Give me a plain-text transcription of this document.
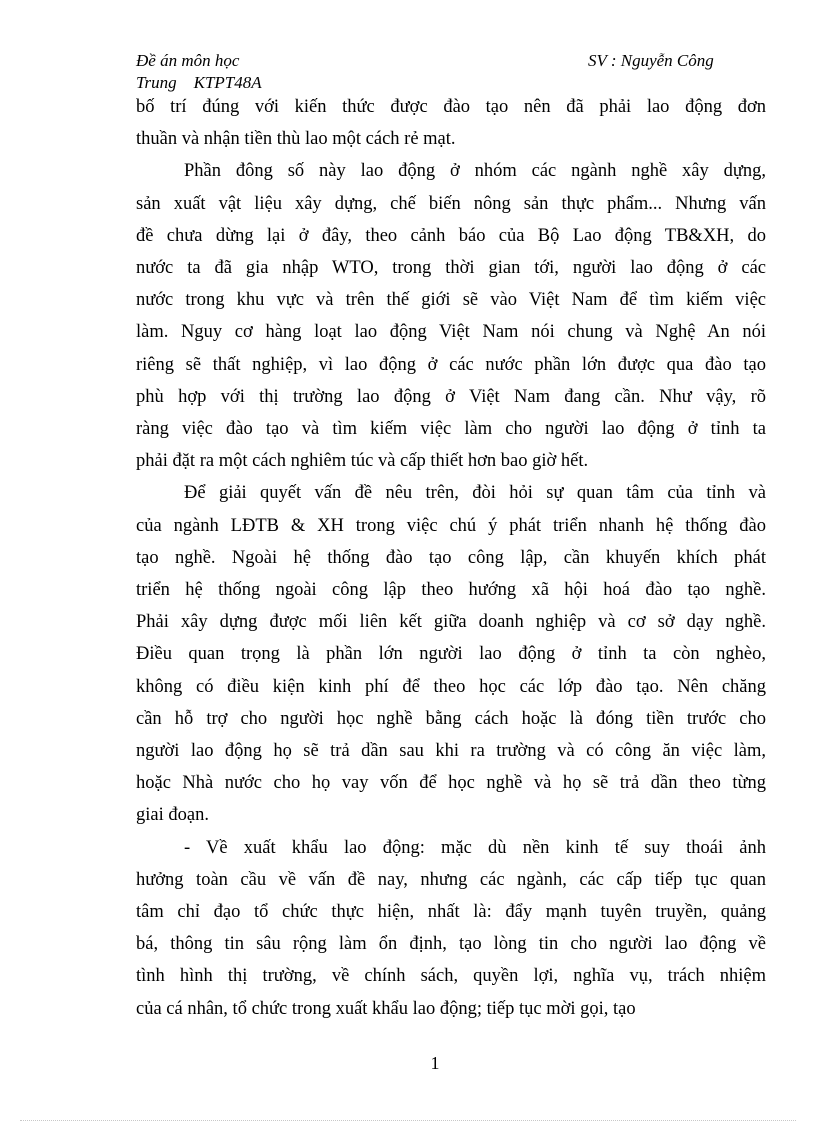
Đề án môn học
Trung    KTPT48A
SV : Nguyễn Công

bố trí đúng với kiến thức được đào tạo nên đã phải lao động đơn

thuần và nhận tiền thù lao một cách rẻ mạt.

Phần đông số này lao động ở nhóm các ngành nghề xây dựng,

sản xuất vật liệu xây dựng, chế biến nông sản thực phẩm... Nhưng vấn

đề chưa dừng lại ở đây, theo cảnh báo của Bộ Lao động TB&XH, do

nước ta đã gia nhập WTO, trong thời gian tới, người lao động ở các

nước trong khu vực và trên thế giới sẽ vào Việt Nam để tìm kiếm việc

làm. Nguy cơ hàng loạt lao động Việt Nam nói chung và Nghệ An nói

riêng sẽ thất nghiệp, vì lao động ở các nước phần lớn được qua đào tạo

phù hợp với thị trường lao động ở Việt Nam đang cần. Như vậy, rõ

ràng việc đào tạo và tìm kiếm việc làm cho người lao động ở tỉnh ta

phải đặt ra một cách nghiêm túc và cấp thiết hơn bao giờ hết.

Để giải quyết vấn đề nêu trên, đòi hỏi sự quan tâm của tỉnh và

của ngành LĐTB & XH trong việc chú ý phát triển nhanh hệ thống đào

tạo nghề. Ngoài hệ thống đào tạo công lập, cần khuyến khích phát

triển hệ thống ngoài công lập theo hướng xã hội hoá đào tạo nghề.

Phải xây dựng được mối liên kết giữa doanh nghiệp và cơ sở dạy nghề.

Điều quan trọng là phần lớn người lao động ở tỉnh ta còn nghèo,

không có điều kiện kinh phí để theo học các lớp đào tạo. Nên chăng

cần hỗ trợ cho người học nghề bằng cách hoặc là đóng tiền trước cho

người lao động họ sẽ trả dần sau khi ra trường và có công ăn việc làm,

hoặc Nhà nước cho họ vay vốn để học nghề và họ sẽ trả dần theo từng

giai đoạn.

- Về xuất khẩu lao động: mặc dù nền kinh tế suy thoái ảnh

hưởng toàn cầu về vấn đề nay, nhưng các ngành, các cấp tiếp tục quan

tâm chỉ đạo tổ chức thực hiện, nhất là: đẩy mạnh tuyên truyền, quảng

bá, thông tin sâu rộng làm ổn định, tạo lòng tin cho người lao động về

tình hình thị trường, về chính sách, quyền lợi, nghĩa vụ, trách nhiệm

của cá nhân, tổ chức trong xuất khẩu lao động; tiếp tục mời gọi, tạo

1
